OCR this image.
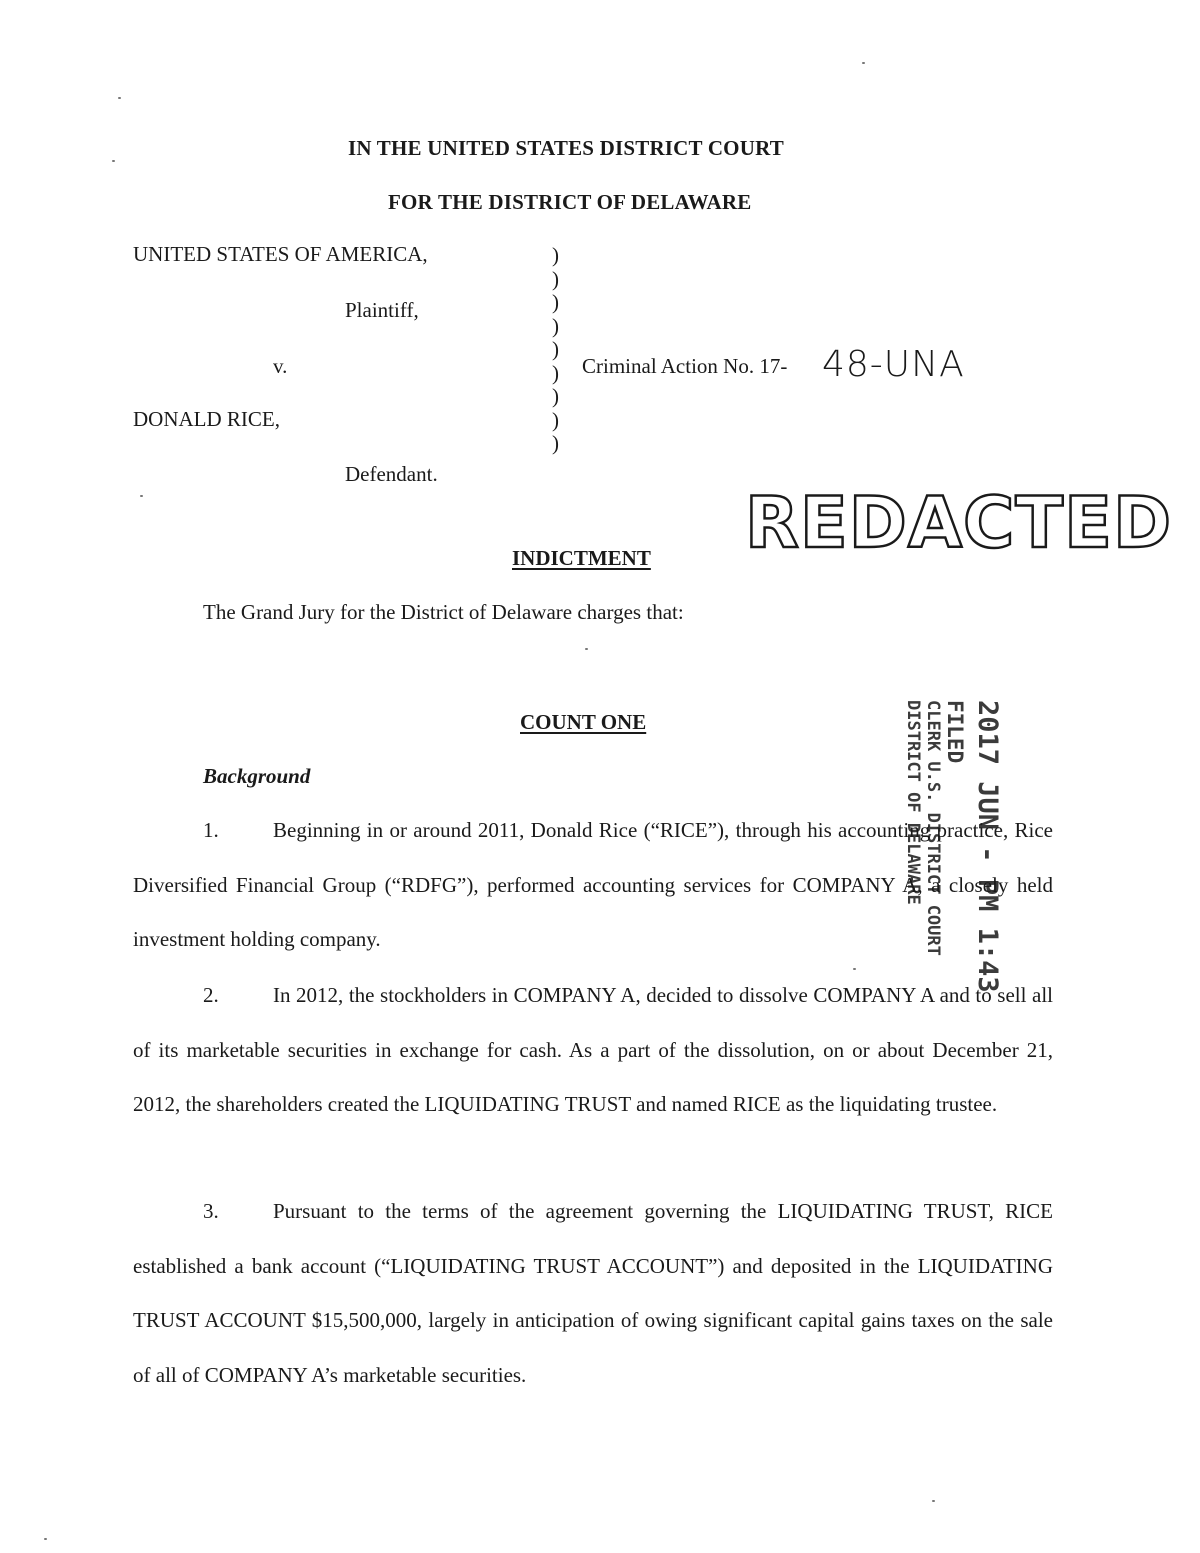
IN THE UNITED STATES DISTRICT COURT
FOR THE DISTRICT OF DELAWARE
UNITED STATES OF AMERICA,
Plaintiff,
v.
DONALD RICE,
Defendant.
)
)
)
)
)
)
)
)
)
Criminal Action No. 17- 48-UNA
REDACTED
INDICTMENT
The Grand Jury for the District of Delaware charges that:
COUNT ONE
Background
1.	Beginning in or around 2011, Donald Rice (“RICE”), through his accounting practice, Rice Diversified Financial Group (“RDFG”), performed accounting services for COMPANY A, a closely held investment holding company.
2.	In 2012, the stockholders in COMPANY A, decided to dissolve COMPANY A and to sell all of its marketable securities in exchange for cash. As a part of the dissolution, on or about December 21, 2012, the shareholders created the LIQUIDATING TRUST and named RICE as the liquidating trustee.
3.	Pursuant to the terms of the agreement governing the LIQUIDATING TRUST, RICE established a bank account (“LIQUIDATING TRUST ACCOUNT”) and deposited in the LIQUIDATING TRUST ACCOUNT $15,500,000, largely in anticipation of owing significant capital gains taxes on the sale of all of COMPANY A’s marketable securities.
2017 JUN - PM 1:43
FILED
CLERK U.S. DISTRICT COURT
DISTRICT OF DELAWARE
